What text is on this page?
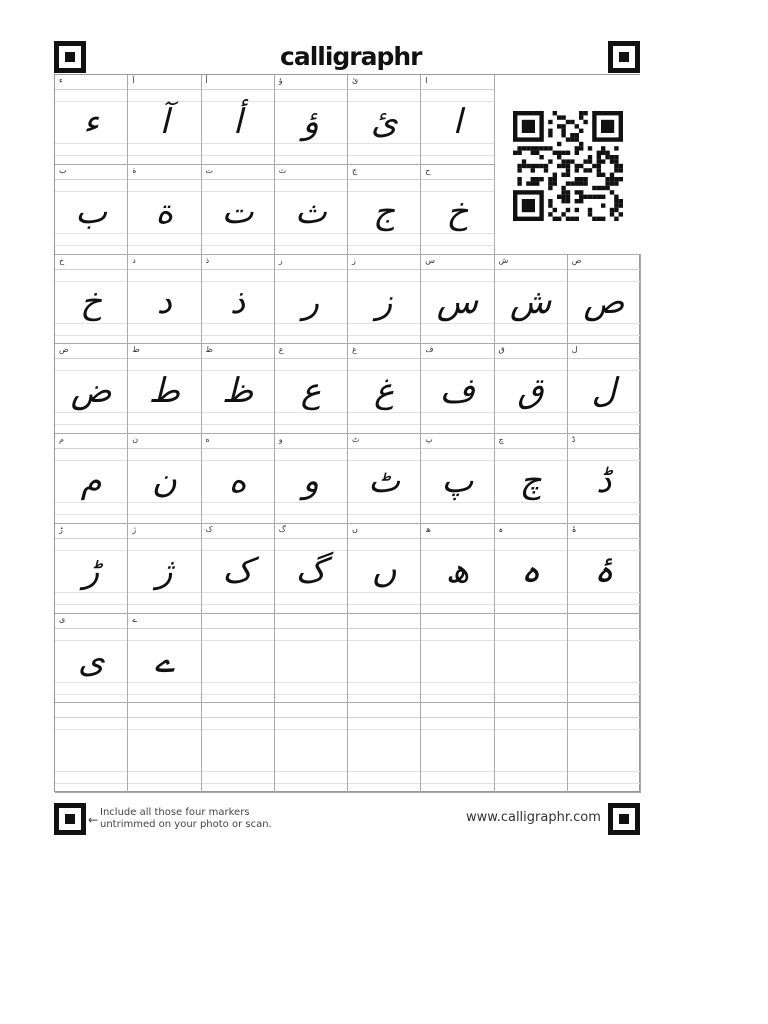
calligraphr
ء
ء
آ
آ
أ
أ
ؤ
ؤ
ئ
ئ
ا
ا
ب
ب
ة
ة
ت
ت
ث
ث
ج
ج
ح
خ
خ
خ
د
د
ذ
ذ
ر
ر
ز
ز
س
س
ش
ش
ص
ص
ض
ض
ط
ط
ظ
ظ
ع
ع
غ
غ
ف
ف
ق
ق
ل
ل
م
م
ن
ن
ه
ه
و
و
ٹ
ٹ
پ
پ
چ
چ
ڈ
ڈ
ڑ
ڑ
ژ
ژ
ک
ک
گ
گ
ں
ں
ھ
ھ
ہ
ہ
ۂ
ۂ
ی
ی
ے
ے
←
Include all those four markers
untrimmed on your photo or scan.	www.calligraphr.com
